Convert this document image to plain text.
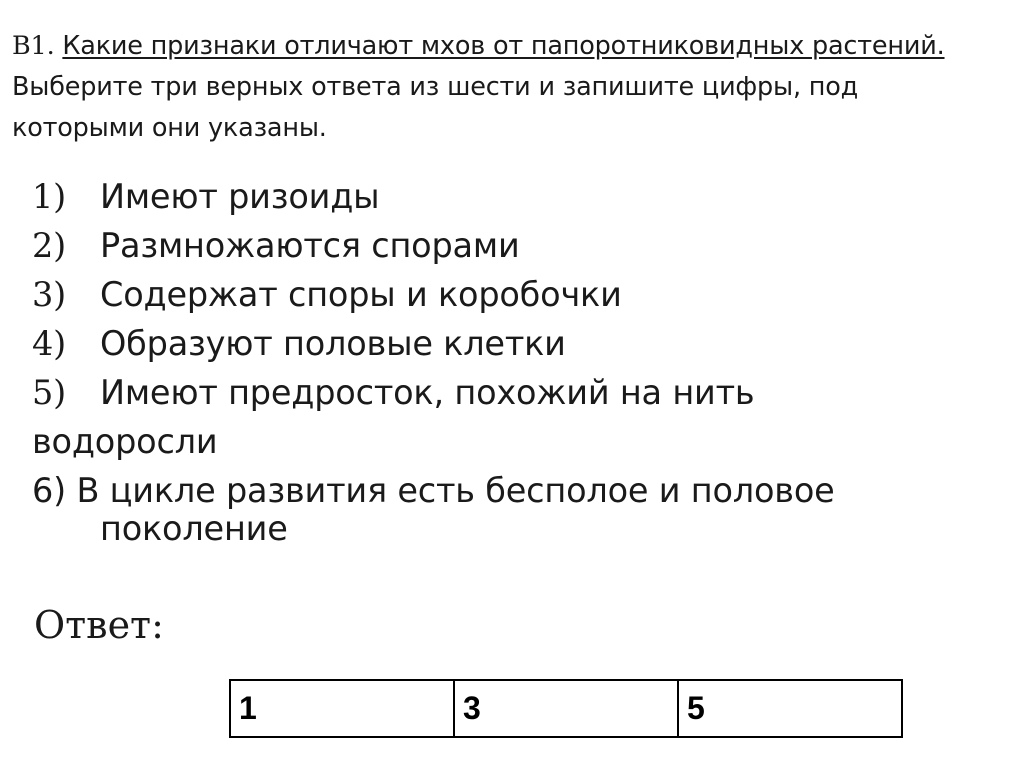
В1. Какие признаки отличают мхов от папоротниковидных растений.
Выберите три верных ответа из шести и запишите цифры, под
которыми они указаны.
1) Имеют ризоиды
2) Размножаются спорами
3) Содержат споры и коробочки
4) Образуют половые клетки
5) Имеют предросток, похожий на нить
водоросли
6) В цикле развития есть бесполое и половое
поколение
Ответ:
1	3	5
